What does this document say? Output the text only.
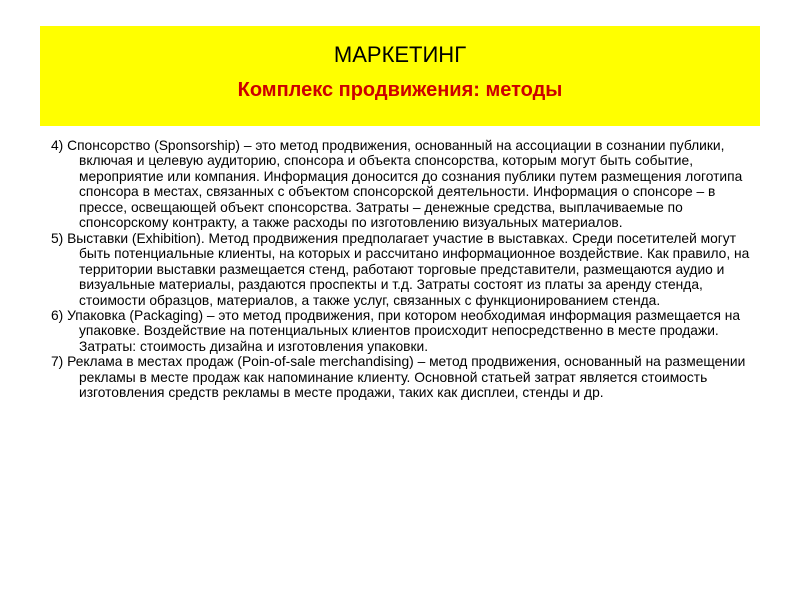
МАРКЕТИНГ
Комплекс продвижения: методы

4) Спонсорство (Sponsorship) – это метод продвижения, основанный на ассоциации в сознании публики, включая и целевую аудиторию, спонсора и объекта спонсорства, которым могут быть событие, мероприятие или компания. Информация доносится до сознания публики путем размещения логотипа спонсора в местах, связанных с объектом спонсорской деятельности. Информация о спонсоре – в прессе, освещающей объект спонсорства. Затраты – денежные средства, выплачиваемые по спонсорскому контракту, а также расходы по изготовлению визуальных материалов.

5) Выставки (Exhibition). Метод продвижения предполагает участие в выставках. Среди посетителей могут быть потенциальные клиенты, на которых и рассчитано информационное воздействие. Как правило, на территории выставки размещается стенд, работают торговые представители, размещаются аудио и визуальные материалы, раздаются проспекты и т.д. Затраты состоят из платы за аренду стенда, стоимости образцов, материалов, а также услуг, связанных с функционированием стенда.

6) Упаковка (Packaging) – это метод продвижения, при котором необходимая информация размещается на упаковке. Воздействие на потенциальных клиентов происходит непосредственно в месте продажи. Затраты: стоимость дизайна и изготовления упаковки.

7) Реклама в местах продаж (Poin-of-sale merchandising) – метод продвижения, основанный на размещении рекламы в месте продаж как напоминание клиенту. Основной статьей затрат является стоимость изготовления средств рекламы в месте продажи, таких как дисплеи, стенды и др.
